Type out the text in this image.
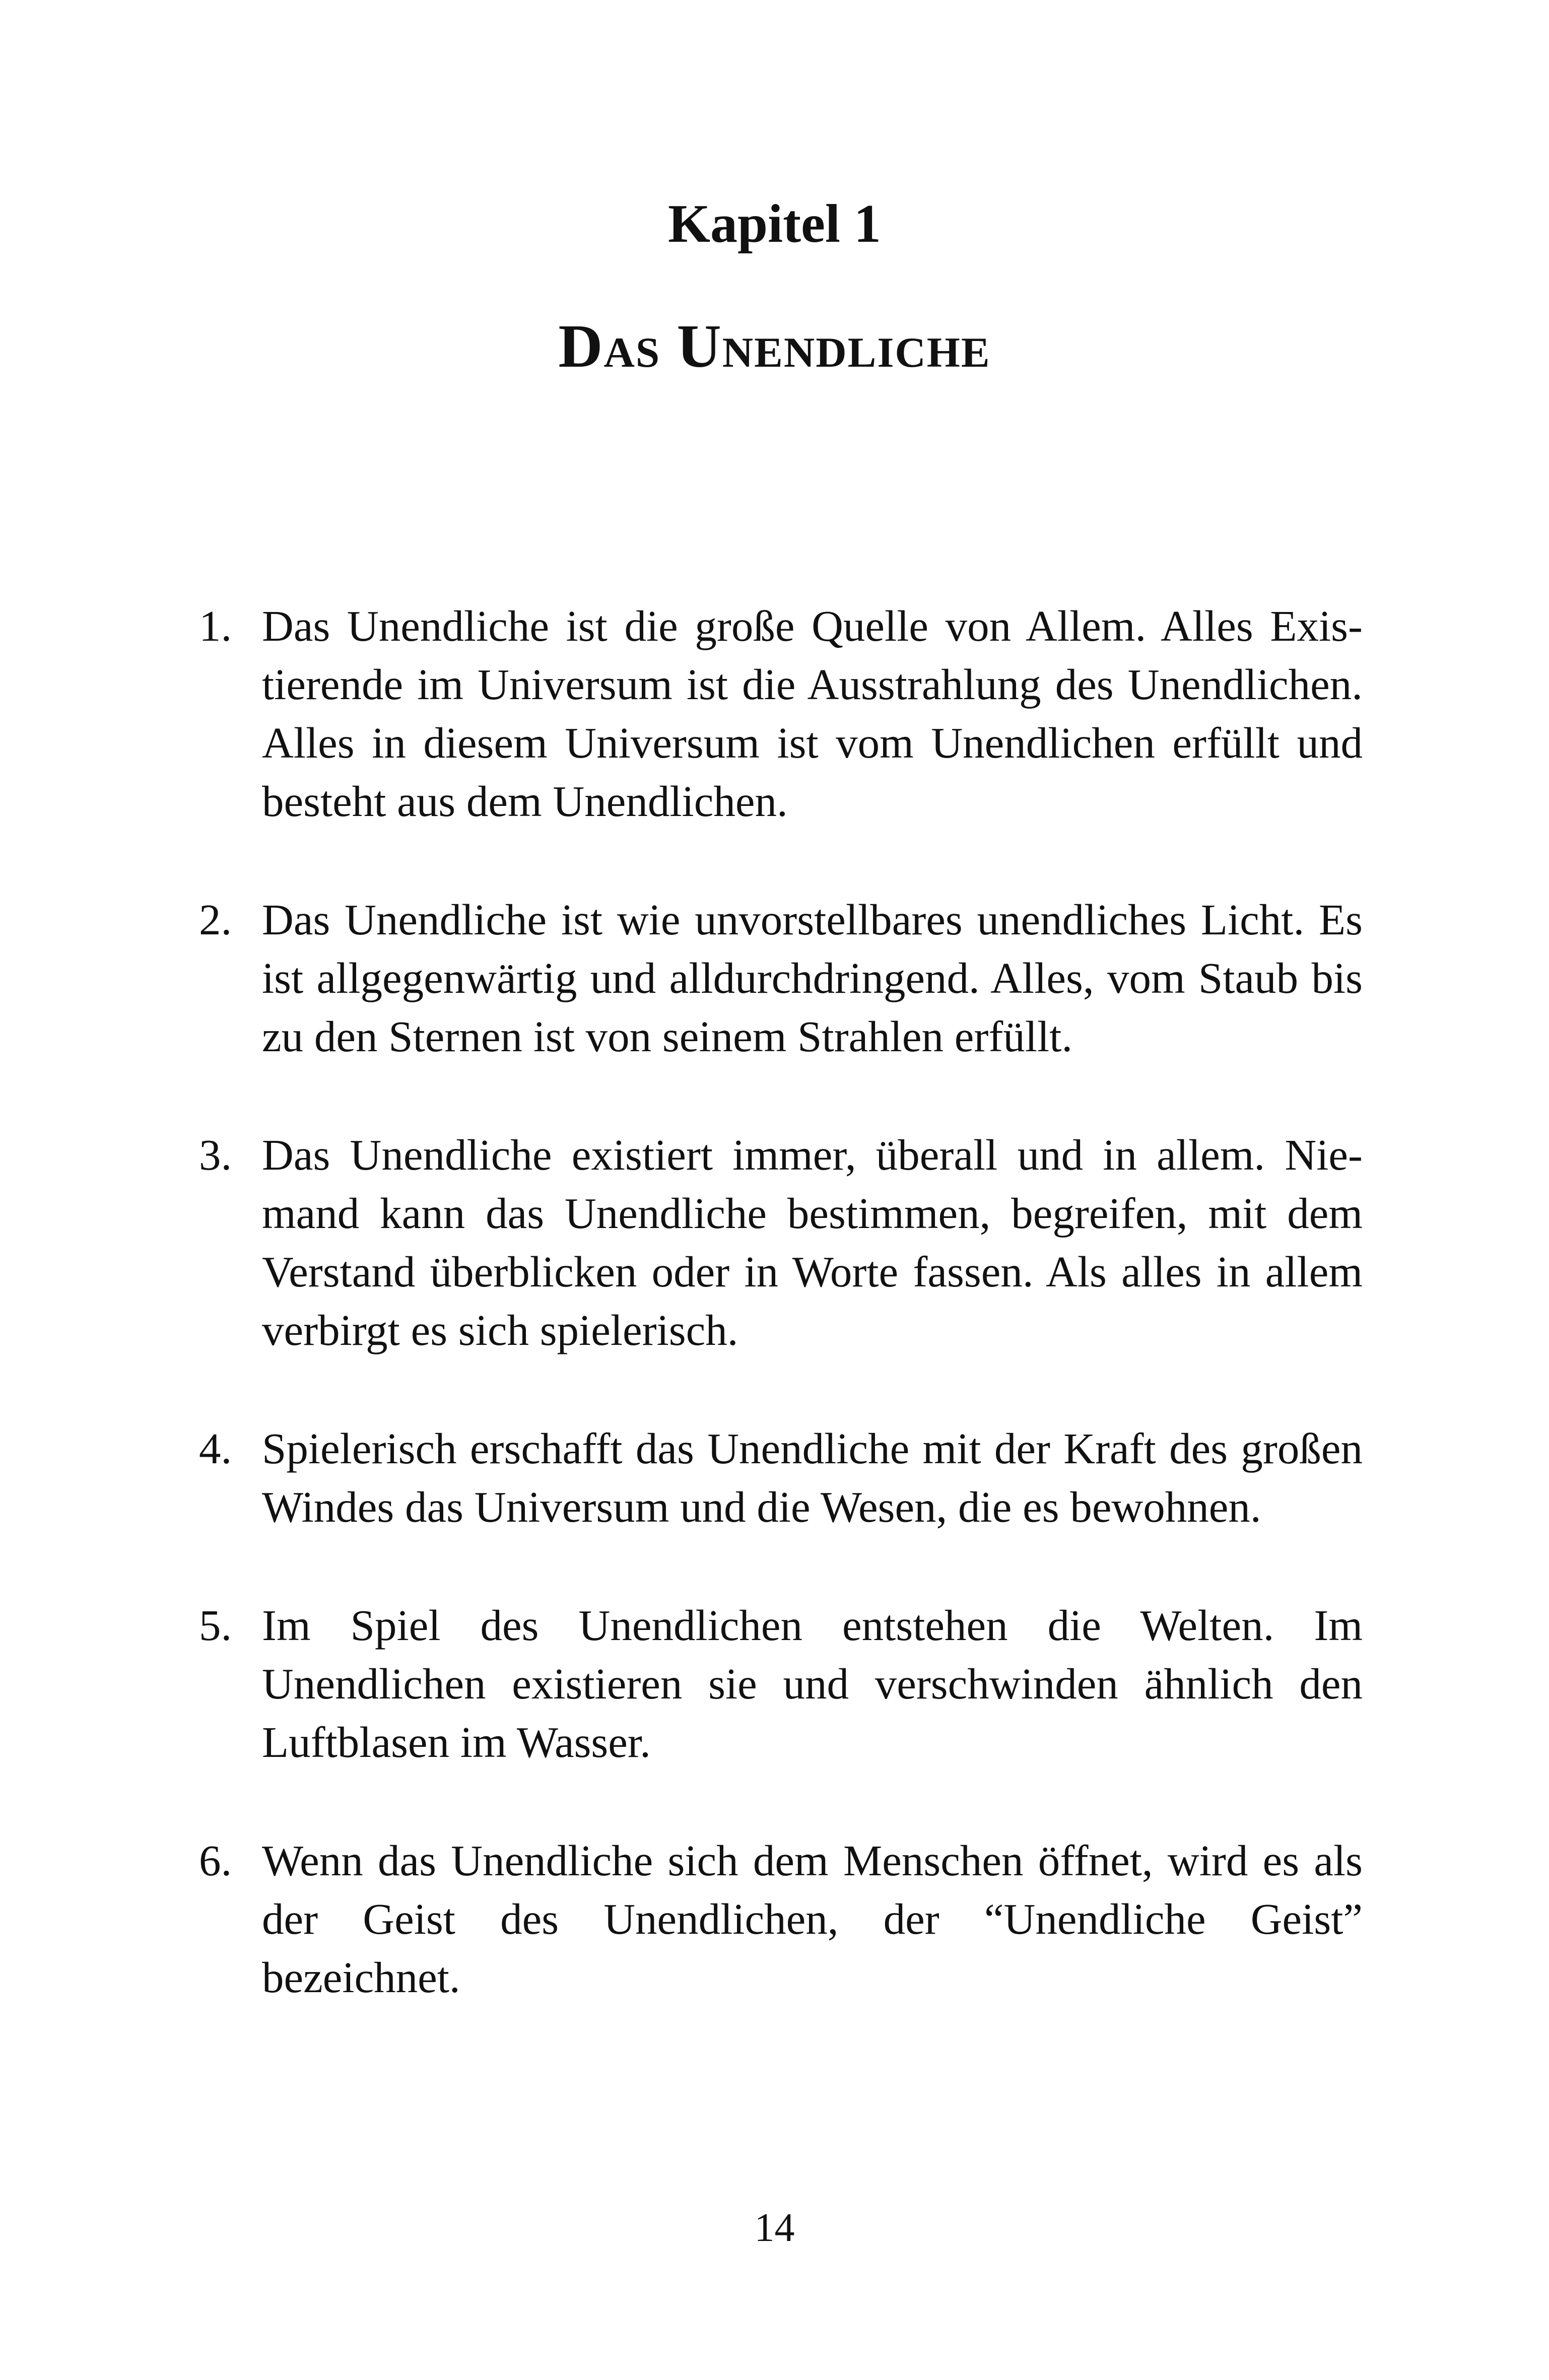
Kapitel 1
Das Unendliche
1. Das Unendliche ist die große Quelle von Allem. Alles Existierende im Universum ist die Ausstrahlung des Unendlichen. Alles in diesem Universum ist vom Unendlichen erfüllt und besteht aus dem Unendlichen.
2. Das Unendliche ist wie unvorstellbares unendliches Licht. Es ist allgegenwärtig und alldurchdringend. Alles, vom Staub bis zu den Sternen ist von seinem Strahlen erfüllt.
3. Das Unendliche existiert immer, überall und in allem. Niemand kann das Unendliche bestimmen, begreifen, mit dem Verstand überblicken oder in Worte fassen. Als alles in allem verbirgt es sich spielerisch.
4. Spielerisch erschafft das Unendliche mit der Kraft des großen Windes das Universum und die Wesen, die es bewohnen.
5. Im Spiel des Unendlichen entstehen die Welten. Im Unendlichen existieren sie und verschwinden ähnlich den Luftblasen im Wasser.
6. Wenn das Unendliche sich dem Menschen öffnet, wird es als der Geist des Unendlichen, der “Unendliche Geist” bezeichnet.
14
